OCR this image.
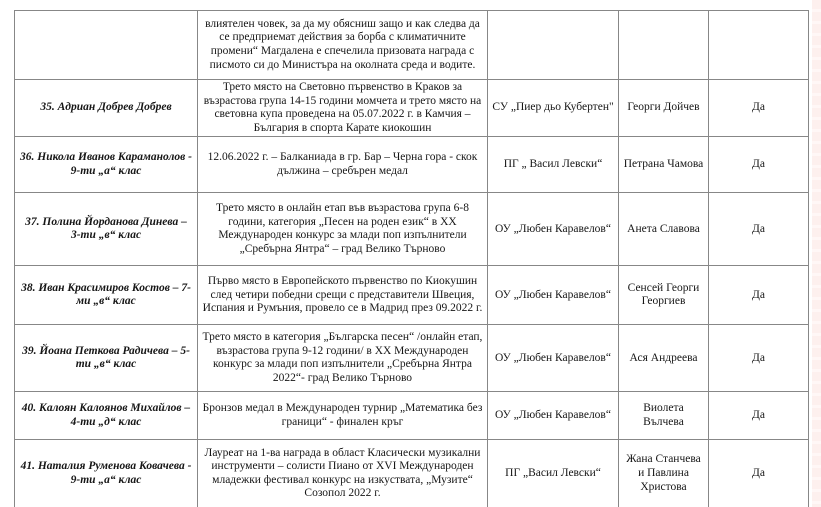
	влиятелен човек, за да му обясниш защо и как следва да се предприемат действия за борба с климатичните промени“ Магдалена е спечелила призовата награда с писмото си до Министъра на околната среда и водите.			
35. Адриан Добрев Добрев	Трето място на Световно първенство в Краков за възрастова група 14-15 години момчета и трето място на световна купа проведена на 05.07.2022 г. в Камчия – България в спорта Карате киокошин	СУ „Пиер дьо Кубертен"	Георги Дойчев	Да
36. Никола Иванов Караманолов - 9-ти „а“ клас	12.06.2022 г. – Балканиада в гр. Бар – Черна гора - скок дължина – сребърен медал	ПГ „ Васил Левски“	Петрана Чамова	Да
37. Полина Йорданова Динева – 3-ти „в“ клас	Трето място в онлайн етап във възрастова група 6-8 години, категория „Песен на роден език“ в ХХ Международен конкурс за млади поп изпълнители „Сребърна Янтра“ – град Велико Търново	ОУ „Любен Каравелов“	Анета Славова	Да
38. Иван Красимиров Костов – 7-ми „в“ клас	Първо място в Европейското първенство по Киокушин след четири победни срещи с представители Швеция, Испания и Румъния, провело се в Мадрид през 09.2022 г.	ОУ „Любен Каравелов“	Сенсей Георги Георгиев	Да
39. Йоана Петкова Радичева – 5-ти „в“ клас	Трето място в категория „Българска песен“ /онлайн етап, възрастова група 9-12 години/ в ХХ Международен конкурс за млади поп изпълнители „Сребърна Янтра 2022“- град Велико Търново	ОУ „Любен Каравелов“	Ася Андреева	Да
40. Калоян Калоянов Михайлов – 4-ти „д“ клас	Бронзов медал в Международен турнир „Математика без граници“ - финален кръг	ОУ „Любен Каравелов“	Виолета Вълчева	Да
41. Наталия Руменова Ковачева - 9-ти „а“ клас	Лауреат на 1-ва награда в област Класически музикални инструменти – солисти Пиано от XVI Международен младежки фестивал конкурс на изкуствата, „Музите“ Созопол 2022 г.	ПГ „Васил Левски“	Жана Станчева и Павлина Христова	Да
